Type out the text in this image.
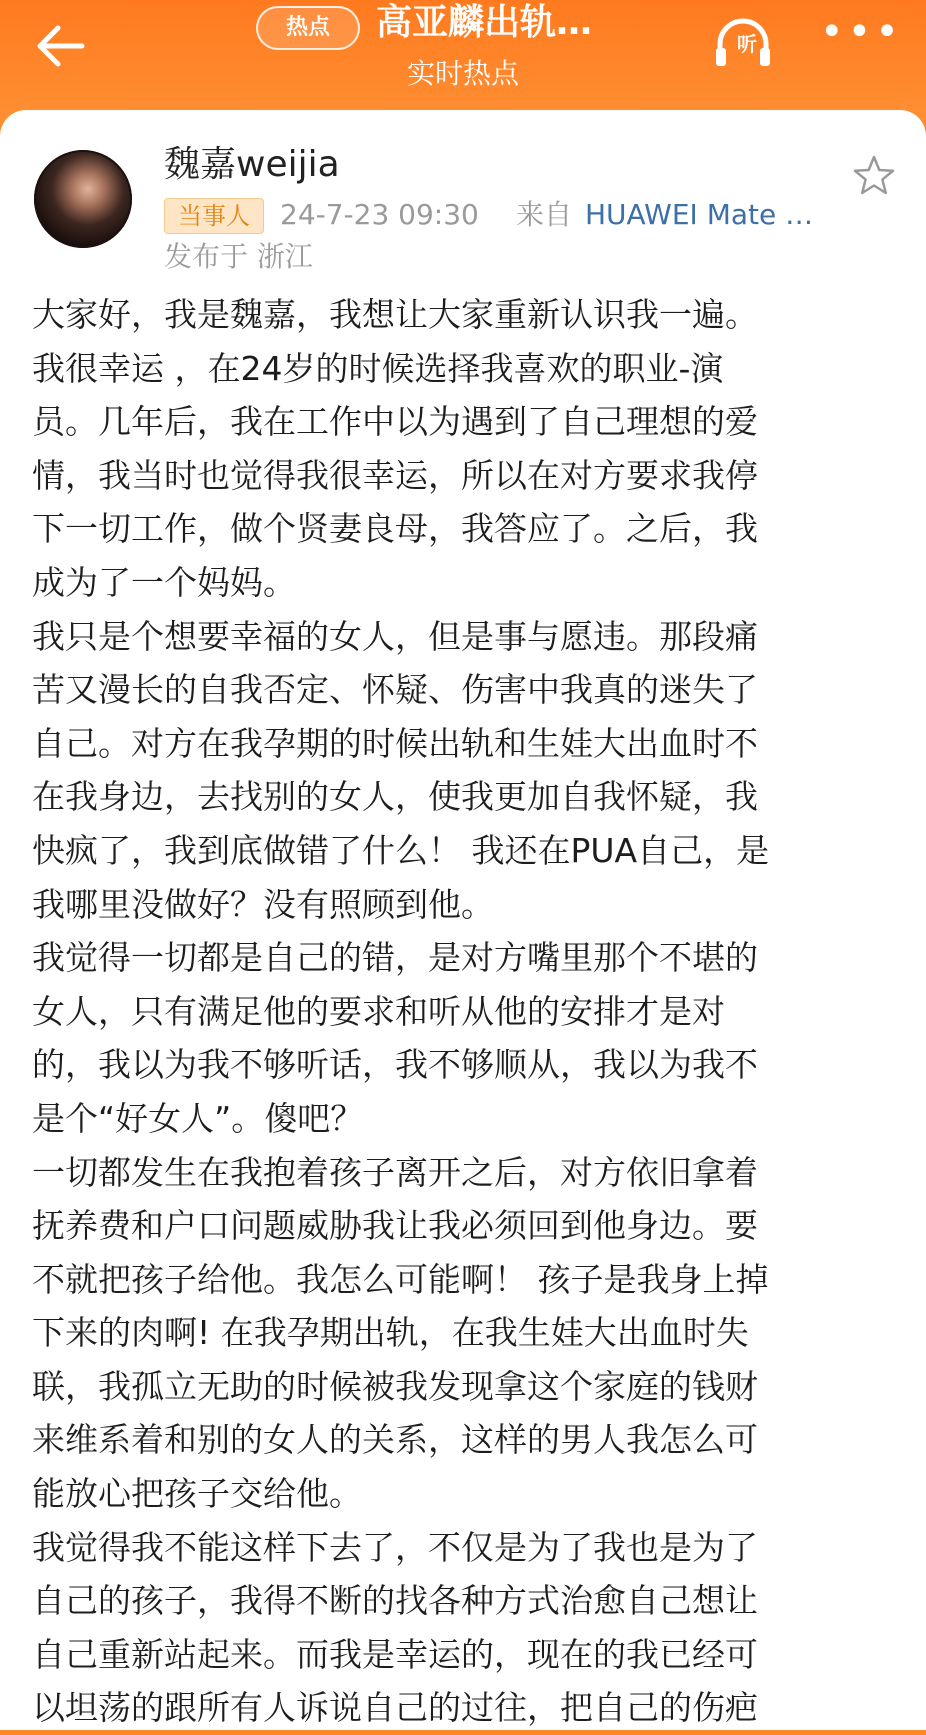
热点	高亚麟出轨…
实时热点
听 •••
魏嘉weijia
当事人	24-7-23 09:30 来自 HUAWEI Mate …
发布于 浙江

大家好，我是魏嘉，我想让大家重新认识我一遍。

我很幸运 ，在24岁的时候选择我喜欢的职业-演

员。几年后，我在工作中以为遇到了自己理想的爱

情，我当时也觉得我很幸运，所以在对方要求我停

下一切工作，做个贤妻良母，我答应了。之后，我

成为了一个妈妈。

我只是个想要幸福的女人，但是事与愿违。那段痛

苦又漫长的自我否定、怀疑、伤害中我真的迷失了

自己。对方在我孕期的时候出轨和生娃大出血时不

在我身边，去找别的女人，使我更加自我怀疑，我

快疯了，我到底做错了什么！ 我还在PUA自己，是

我哪里没做好？没有照顾到他。

我觉得一切都是自己的错，是对方嘴里那个不堪的

女人，只有满足他的要求和听从他的安排才是对

的，我以为我不够听话，我不够顺从，我以为我不

是个“好女人”。傻吧？

一切都发生在我抱着孩子离开之后，对方依旧拿着

抚养费和户口问题威胁我让我必须回到他身边。要

不就把孩子给他。我怎么可能啊！ 孩子是我身上掉

下来的肉啊! 在我孕期出轨，在我生娃大出血时失

联，我孤立无助的时候被我发现拿这个家庭的钱财

来维系着和别的女人的关系，这样的男人我怎么可

能放心把孩子交给他。

我觉得我不能这样下去了，不仅是为了我也是为了

自己的孩子，我得不断的找各种方式治愈自己想让

自己重新站起来。而我是幸运的，现在的我已经可

以坦荡的跟所有人诉说自己的过往，把自己的伤疤
